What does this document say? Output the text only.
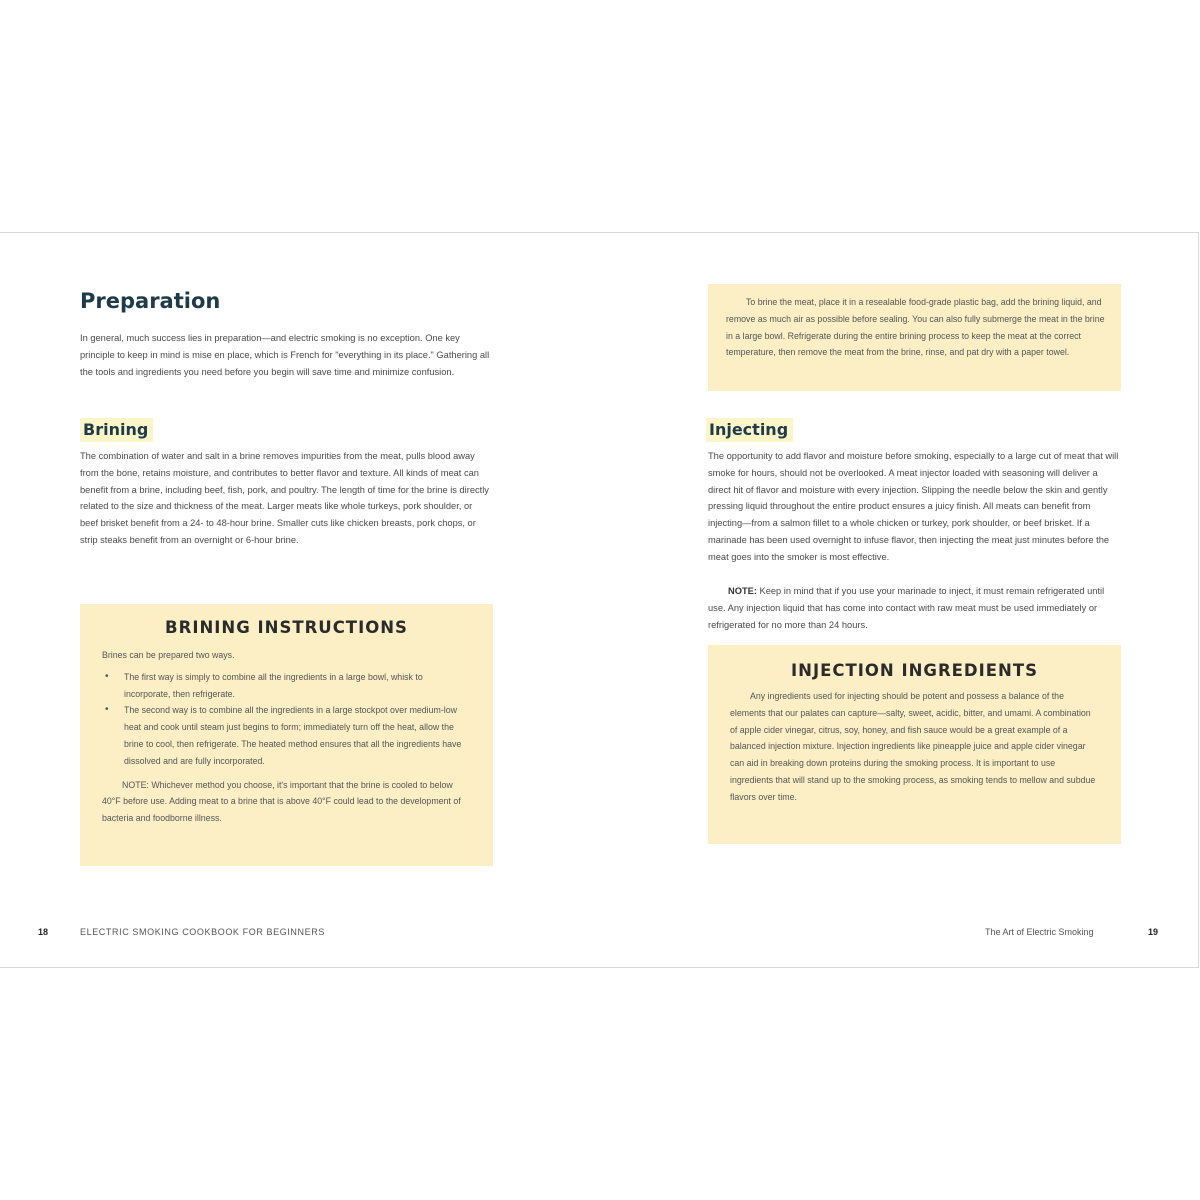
Preparation

In general, much success lies in preparation—and electric smoking is no exception. One key principle to keep in mind is mise en place, which is French for "everything in its place." Gathering all the tools and ingredients you need before you begin will save time and minimize confusion.

Brining

The combination of water and salt in a brine removes impurities from the meat, pulls blood away from the bone, retains moisture, and contributes to better flavor and texture. All kinds of meat can benefit from a brine, including beef, fish, pork, and poultry. The length of time for the brine is directly related to the size and thickness of the meat. Larger meats like whole turkeys, pork shoulder, or beef brisket benefit from a 24- to 48-hour brine. Smaller cuts like chicken breasts, pork chops, or strip steaks benefit from an overnight or 6-hour brine.

BRINING INSTRUCTIONS

Brines can be prepared two ways.

• The first way is simply to combine all the ingredients in a large bowl, whisk to incorporate, then refrigerate.
• The second way is to combine all the ingredients in a large stockpot over medium-low heat and cook until steam just begins to form; immediately turn off the heat, allow the brine to cool, then refrigerate. The heated method ensures that all the ingredients have dissolved and are fully incorporated.

NOTE: Whichever method you choose, it's important that the brine is cooled to below 40°F before use. Adding meat to a brine that is above 40°F could lead to the development of bacteria and foodborne illness.

18	ELECTRIC SMOKING COOKBOOK FOR BEGINNERS

To brine the meat, place it in a resealable food-grade plastic bag, add the brining liquid, and remove as much air as possible before sealing. You can also fully submerge the meat in the brine in a large bowl. Refrigerate during the entire brining process to keep the meat at the correct temperature, then remove the meat from the brine, rinse, and pat dry with a paper towel.

Injecting

The opportunity to add flavor and moisture before smoking, especially to a large cut of meat that will smoke for hours, should not be overlooked. A meat injector loaded with seasoning will deliver a direct hit of flavor and moisture with every injection. Slipping the needle below the skin and gently pressing liquid throughout the entire product ensures a juicy finish. All meats can benefit from injecting—from a salmon fillet to a whole chicken or turkey, pork shoulder, or beef brisket. If a marinade has been used overnight to infuse flavor, then injecting the meat just minutes before the meat goes into the smoker is most effective.

NOTE: Keep in mind that if you use your marinade to inject, it must remain refrigerated until use. Any injection liquid that has come into contact with raw meat must be used immediately or refrigerated for no more than 24 hours.

INJECTION INGREDIENTS

Any ingredients used for injecting should be potent and possess a balance of the elements that our palates can capture—salty, sweet, acidic, bitter, and umami. A combination of apple cider vinegar, citrus, soy, honey, and fish sauce would be a great example of a balanced injection mixture. Injection ingredients like pineapple juice and apple cider vinegar can aid in breaking down proteins during the smoking process. It is important to use ingredients that will stand up to the smoking process, as smoking tends to mellow and subdue flavors over time.

The Art of Electric Smoking	19
